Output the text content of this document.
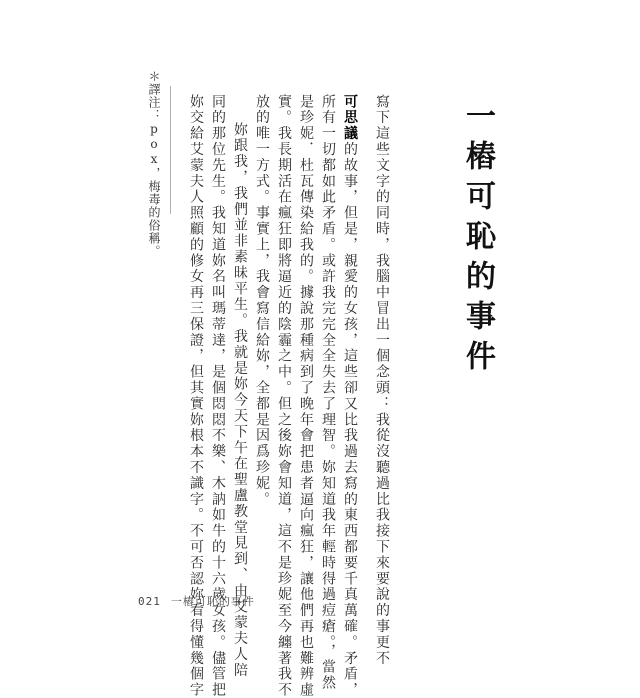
一樁可恥的事件

寫下這些文字的同時，我腦中冒出一個念頭：我從沒聽過比我接下來要說的事更不

可思議的故事，但是，親愛的女孩，這些卻又比我過去寫的東西都要千真萬確。矛盾，

所有一切都如此矛盾。或許我完完全全失去了理智。妳知道我年輕時得過痘瘡。，當然

是珍妮．杜瓦傳染給我的。據說那種病到了晚年會把患者逼向瘋狂，讓他們再也難辨虛

實。我長期活在瘋狂即將逼近的陰霾之中。但之後妳會知道，這不是珍妮至今纏著我不

放的唯一方式。事實上，我會寫信給妳，全都是因爲珍妮。

妳跟我，我們並非素昧平生。我就是妳今天下午在聖盧教堂見到、由艾蒙夫人陪

同的那位先生。我知道妳名叫瑪蒂達，是個悶悶不樂、木訥如牛的十六歲女孩。儘管把

妳交給艾蒙夫人照顧的修女再三保證，但其實妳根本不識字。不可否認妳看得懂幾個字

＊譯注：pox，梅毒的俗稱。

021 一樁可恥的事件
